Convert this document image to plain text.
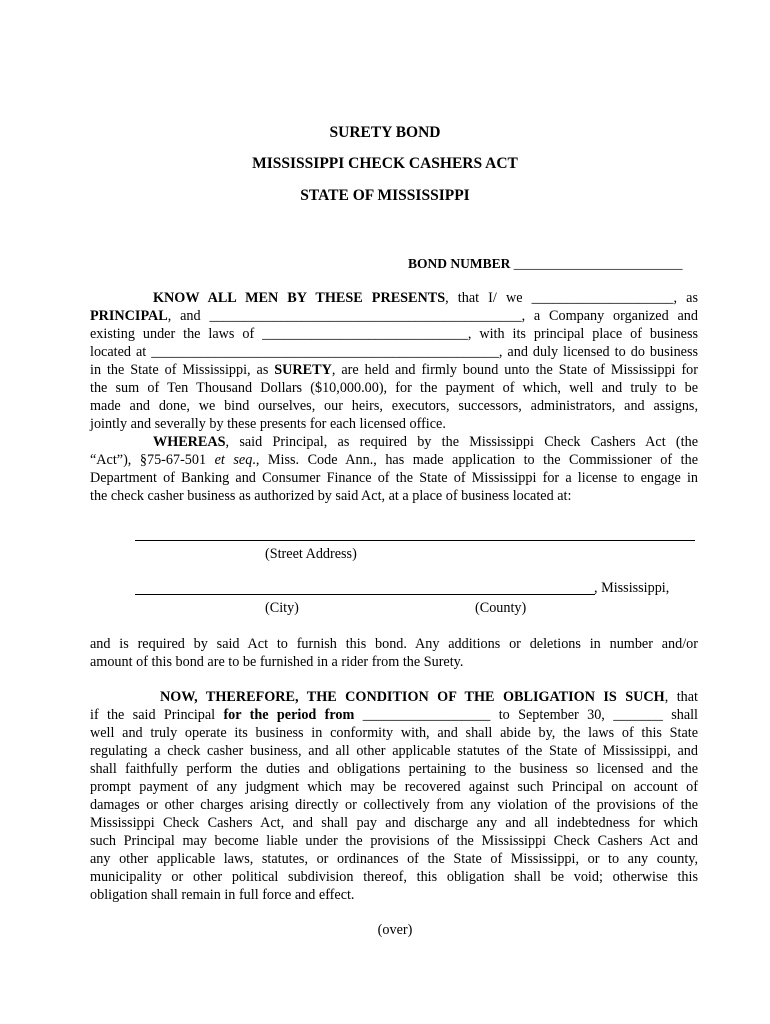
SURETY BOND
MISSISSIPPI CHECK CASHERS ACT
STATE OF MISSISSIPPI
BOND NUMBER _________________________
KNOW ALL MEN BY THESE PRESENTS, that I/ we ____________________, as
PRINCIPAL, and ____________________________________________, a Company organized and
existing under the laws of _____________________________, with its principal place of business
located at _________________________________________________, and duly licensed to do business
in the State of Mississippi, as SURETY, are held and firmly bound unto the State of Mississippi for
the sum of Ten Thousand Dollars ($10,000.00), for the payment of which, well and truly to be
made and done, we bind ourselves, our heirs, executors, successors, administrators, and assigns,
jointly and severally by these presents for each licensed office.
WHEREAS, said Principal, as required by the Mississippi Check Cashers Act (the
“Act”), §75-67-501 et seq., Miss. Code Ann., has made application to the Commissioner of the
Department of Banking and Consumer Finance of the State of Mississippi for a license to engage in
the check casher business as authorized by said Act, at a place of business located at:
(Street Address)
, Mississippi,
(City)	(County)
and is required by said Act to furnish this bond. Any additions or deletions in number and/or
amount of this bond are to be furnished in a rider from the Surety.
NOW, THEREFORE, THE CONDITION OF THE OBLIGATION IS SUCH, that
if the said Principal for the period from __________________ to September 30, _______ shall
well and truly operate its business in conformity with, and shall abide by, the laws of this State
regulating a check casher business, and all other applicable statutes of the State of Mississippi, and
shall faithfully perform the duties and obligations pertaining to the business so licensed and the
prompt payment of any judgment which may be recovered against such Principal on account of
damages or other charges arising directly or collectively from any violation of the provisions of the
Mississippi Check Cashers Act, and shall pay and discharge any and all indebtedness for which
such Principal may become liable under the provisions of the Mississippi Check Cashers Act and
any other applicable laws, statutes, or ordinances of the State of Mississippi, or to any county,
municipality or other political subdivision thereof, this obligation shall be void; otherwise this
obligation shall remain in full force and effect.
(over)
